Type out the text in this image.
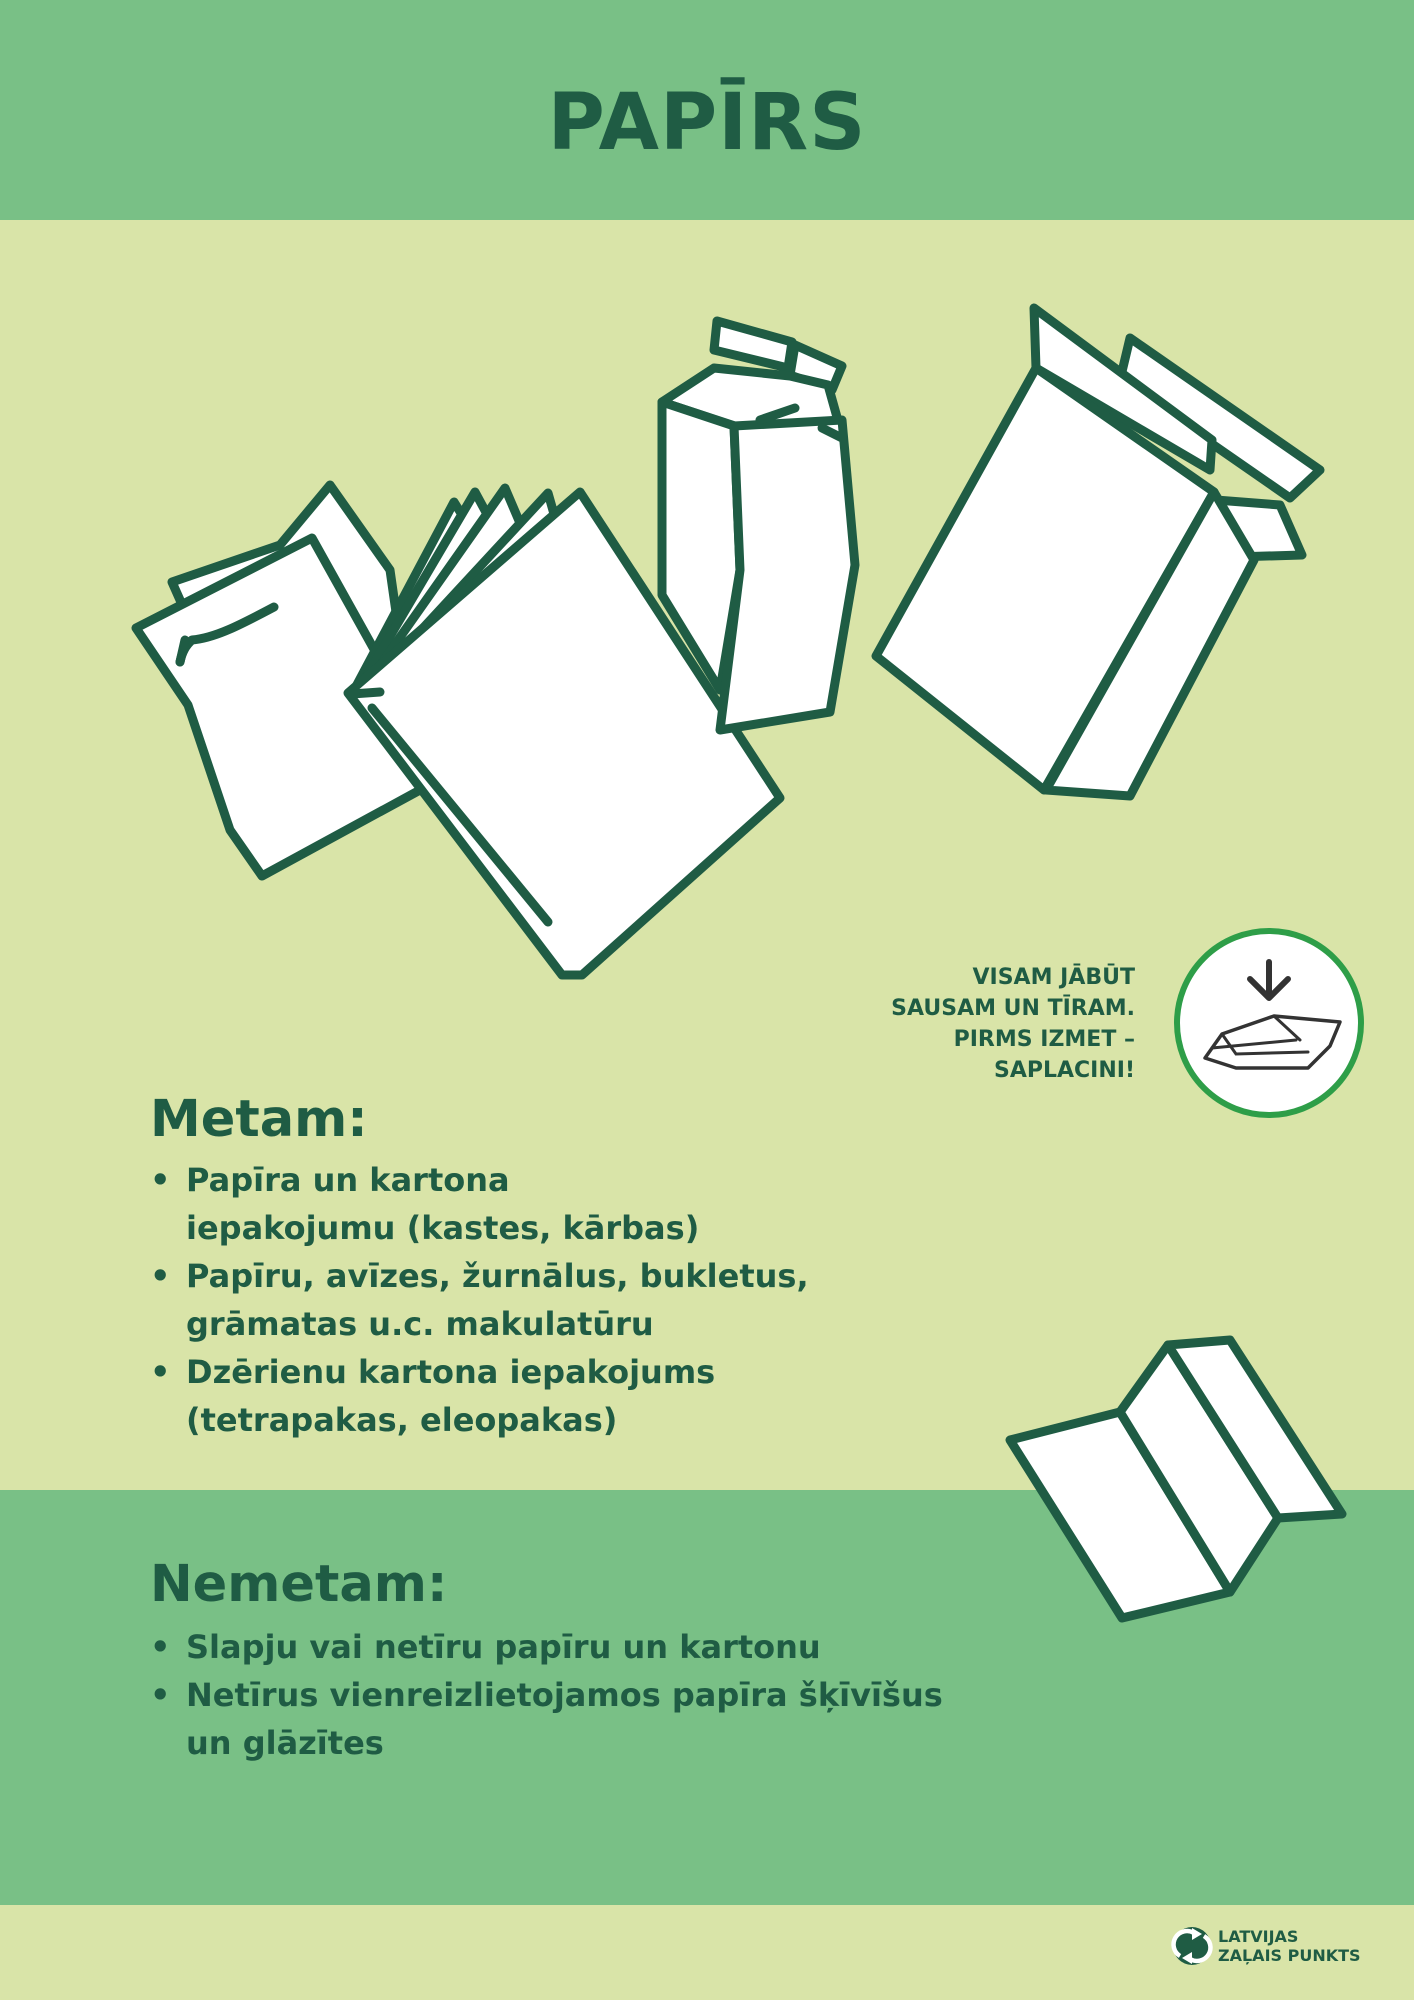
PAPĪRS
VISAM JĀBŪT
SAUSAM UN TĪRAM.
PIRMS IZMET –
SAPLACINI!
Metam:
• Papīra un kartona
iepakojumu (kastes, kārbas)
• Papīru, avīzes, žurnālus, bukletus,
grāmatas u.c. makulatūru
• Dzērienu kartona iepakojums
(tetrapakas, eleopakas)
Nemetam:
• Slapju vai netīru papīru un kartonu
• Netīrus vienreizlietojamos papīra šķīvīšus
un glāzītes
LATVIJAS
ZAĻAIS PUNKTS
